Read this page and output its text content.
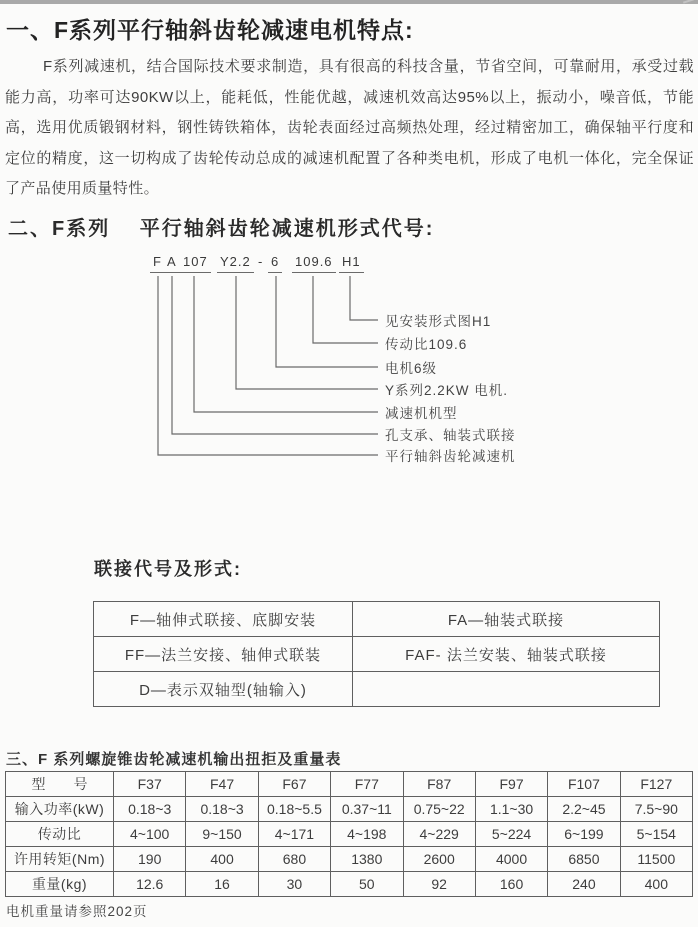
一、F系列平行轴斜齿轮减速电机特点:
F系列减速机，结合国际技术要求制造，具有很高的科技含量，节省空间，可靠耐用，承受过载能力高，功率可达90KW以上，能耗低，性能优越，减速机效高达95%以上，振动小，噪音低，节能高，选用优质锻钢材料，钢性铸铁箱体，齿轮表面经过高频热处理，经过精密加工，确保轴平行度和定位的精度，这一切构成了齿轮传动总成的减速机配置了各种类电机，形成了电机一体化，完全保证了产品使用质量特性。
二、F系列　 平行轴斜齿轮减速机形式代号:
F A 107 Y2.2 - 6 109.6 H1
见安装形式图H1
传动比109.6
电机6级
Y系列2.2KW 电机.
减速机机型
孔支承、轴装式联接
平行轴斜齿轮减速机
联接代号及形式:
F—轴伸式联接、底脚安装	FA—轴装式联接
FF—法兰安接、轴伸式联装	FAF- 法兰安装、轴装式联接
D—表示双轴型(轴输入)	
三、F 系列螺旋锥齿轮减速机输出扭拒及重量表
型　　号	F37	F47	F67	F77	F87	F97	F107	F127
输入功率(kW)	0.18~3	0.18~3	0.18~5.5	0.37~11	0.75~22	1.1~30	2.2~45	7.5~90
传动比	4~100	9~150	4~171	4~198	4~229	5~224	6~199	5~154
许用转矩(Nm)	190	400	680	1380	2600	4000	6850	11500
重量(kg)	12.6	16	30	50	92	160	240	400
电机重量请参照202页
